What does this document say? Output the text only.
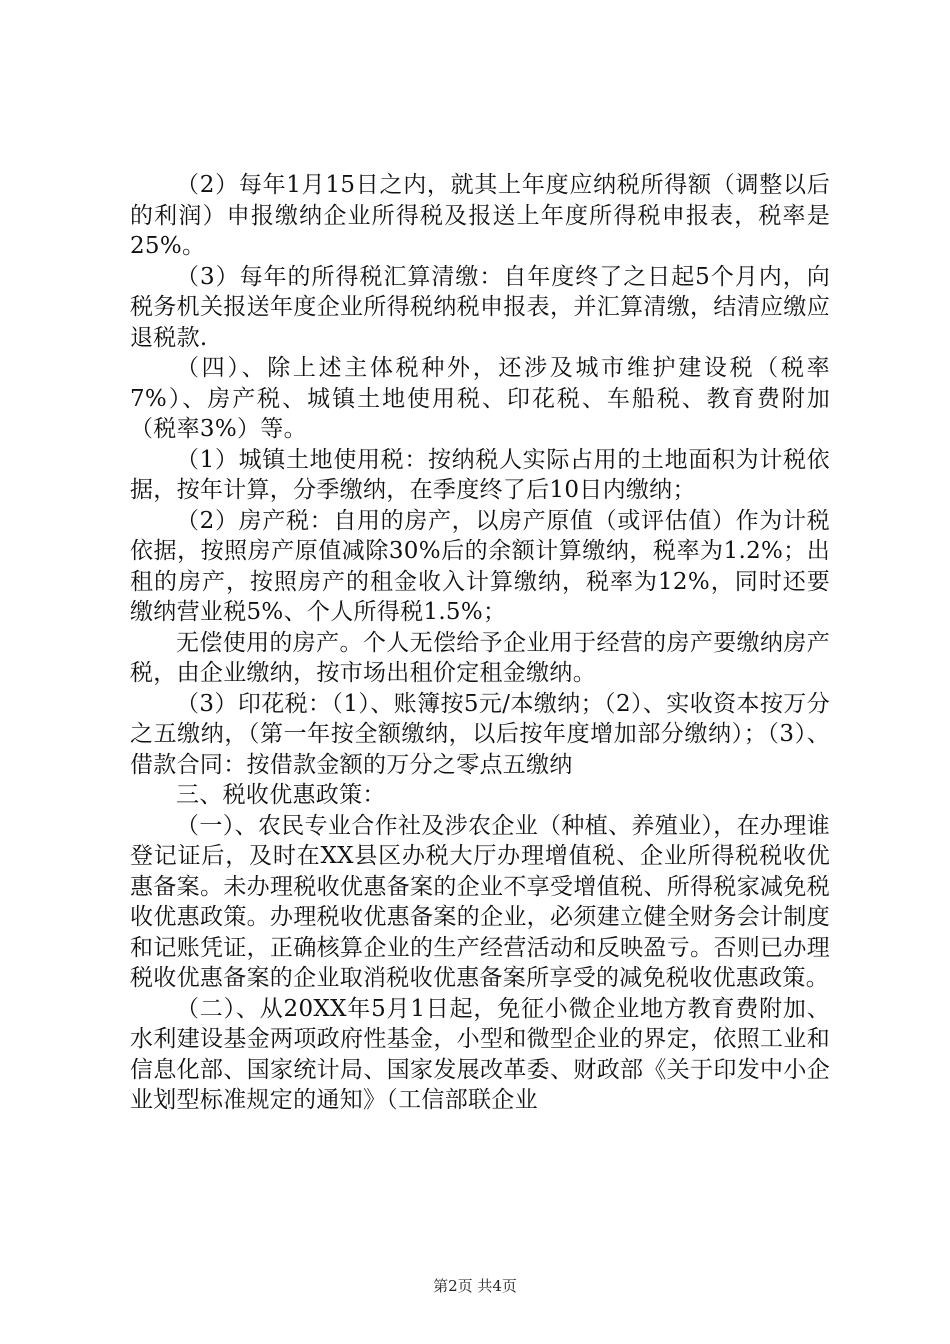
（2）每年1月15日之内，就其上年度应纳税所得额（调整以后的利润）申报缴纳企业所得税及报送上年度所得税申报表，税率是25%。

（3）每年的所得税汇算清缴：自年度终了之日起5个月内，向税务机关报送年度企业所得税纳税申报表，并汇算清缴，结清应缴应退税款.

（四）、除上述主体税种外，还涉及城市维护建设税（税率7%）、房产税、城镇土地使用税、印花税、车船税、教育费附加（税率3%）等。

（1）城镇土地使用税：按纳税人实际占用的土地面积为计税依据，按年计算，分季缴纳，在季度终了后10日内缴纳；

（2）房产税：自用的房产，以房产原值（或评估值）作为计税依据，按照房产原值减除30%后的余额计算缴纳，税率为1.2%；出租的房产，按照房产的租金收入计算缴纳，税率为12%，同时还要缴纳营业税5%、个人所得税1.5%；

无偿使用的房产。个人无偿给予企业用于经营的房产要缴纳房产税，由企业缴纳，按市场出租价定租金缴纳。

（3）印花税：（1）、账簿按5元/本缴纳；（2）、实收资本按万分之五缴纳，（第一年按全额缴纳，以后按年度增加部分缴纳）；（3）、借款合同：按借款金额的万分之零点五缴纳

三、税收优惠政策：

（一）、农民专业合作社及涉农企业（种植、养殖业），在办理谁登记证后，及时在XX县区办税大厅办理增值税、企业所得税税收优惠备案。未办理税收优惠备案的企业不享受增值税、所得税家减免税收优惠政策。办理税收优惠备案的企业，必须建立健全财务会计制度和记账凭证，正确核算企业的生产经营活动和反映盈亏。否则已办理税收优惠备案的企业取消税收优惠备案所享受的减免税收优惠政策。

（二）、从20XX年5月1日起，免征小微企业地方教育费附加、水利建设基金两项政府性基金，小型和微型企业的界定，依照工业和信息化部、国家统计局、国家发展改革委、财政部《关于印发中小企业划型标准规定的通知》（工信部联企业

第2页 共4页
